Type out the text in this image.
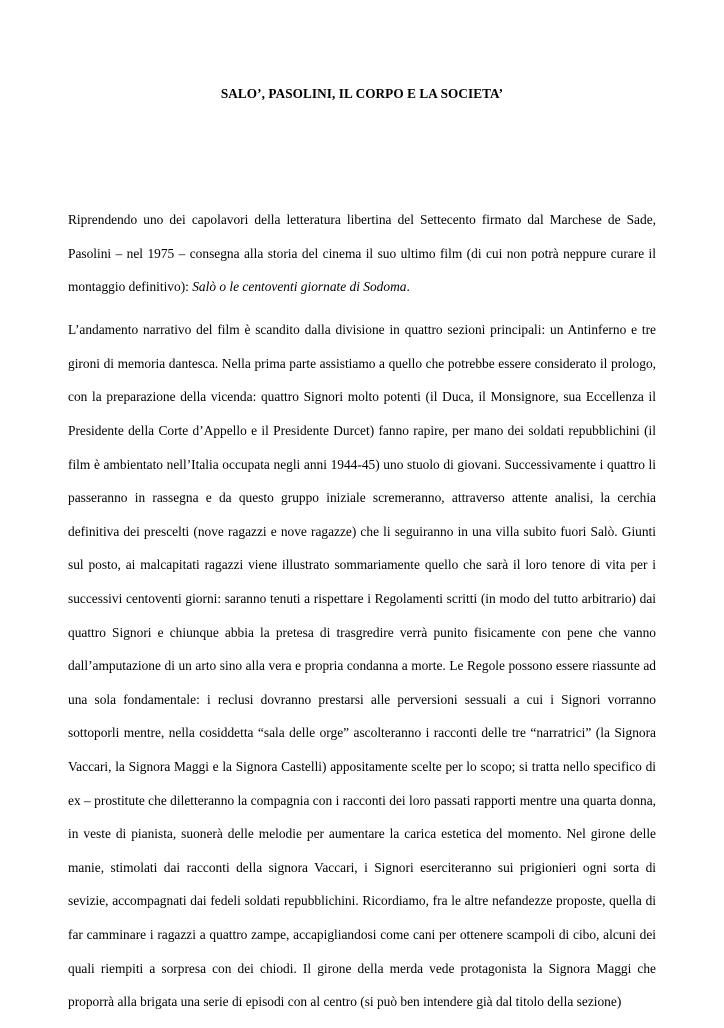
SALO’, PASOLINI, IL CORPO E LA SOCIETA’

Riprendendo uno dei capolavori della letteratura libertina del Settecento firmato dal Marchese de Sade, Pasolini – nel 1975 – consegna alla storia del cinema il suo ultimo film (di cui non potrà neppure curare il montaggio definitivo): Salò o le centoventi giornate di Sodoma.

L’andamento narrativo del film è scandito dalla divisione in quattro sezioni principali: un Antinferno e tre gironi di memoria dantesca. Nella prima parte assistiamo a quello che potrebbe essere considerato il prologo, con la preparazione della vicenda: quattro Signori molto potenti (il Duca, il Monsignore, sua Eccellenza il Presidente della Corte d’Appello e il Presidente Durcet) fanno rapire, per mano dei soldati repubblichini (il film è ambientato nell’Italia occupata negli anni 1944-45) uno stuolo di giovani. Successivamente i quattro li passeranno in rassegna e da questo gruppo iniziale scremeranno, attraverso attente analisi, la cerchia definitiva dei prescelti (nove ragazzi e nove ragazze) che li seguiranno in una villa subito fuori Salò. Giunti sul posto, ai malcapitati ragazzi viene illustrato sommariamente quello che sarà il loro tenore di vita per i successivi centoventi giorni: saranno tenuti a rispettare i Regolamenti scritti (in modo del tutto arbitrario) dai quattro Signori e chiunque abbia la pretesa di trasgredire verrà punito fisicamente con pene che vanno dall’amputazione di un arto sino alla vera e propria condanna a morte. Le Regole possono essere riassunte ad una sola fondamentale: i reclusi dovranno prestarsi alle perversioni sessuali a cui i Signori vorranno sottoporli mentre, nella cosiddetta “sala delle orge” ascolteranno i racconti delle tre “narratrici” (la Signora Vaccari, la Signora Maggi e la Signora Castelli) appositamente scelte per lo scopo; si tratta nello specifico di ex – prostitute che diletteranno la compagnia con i racconti dei loro passati rapporti mentre una quarta donna, in veste di pianista, suonerà delle melodie per aumentare la carica estetica del momento. Nel girone delle manie, stimolati dai racconti della signora Vaccari, i Signori eserciteranno sui prigionieri ogni sorta di sevizie, accompagnati dai fedeli soldati repubblichini. Ricordiamo, fra le altre nefandezze proposte, quella di far camminare i ragazzi a quattro zampe, accapigliandosi come cani per ottenere scampoli di cibo, alcuni dei quali riempiti a sorpresa con dei chiodi. Il girone della merda vede protagonista la Signora Maggi che proporrà alla brigata una serie di episodi con al centro (si può ben intendere già dal titolo della sezione)
